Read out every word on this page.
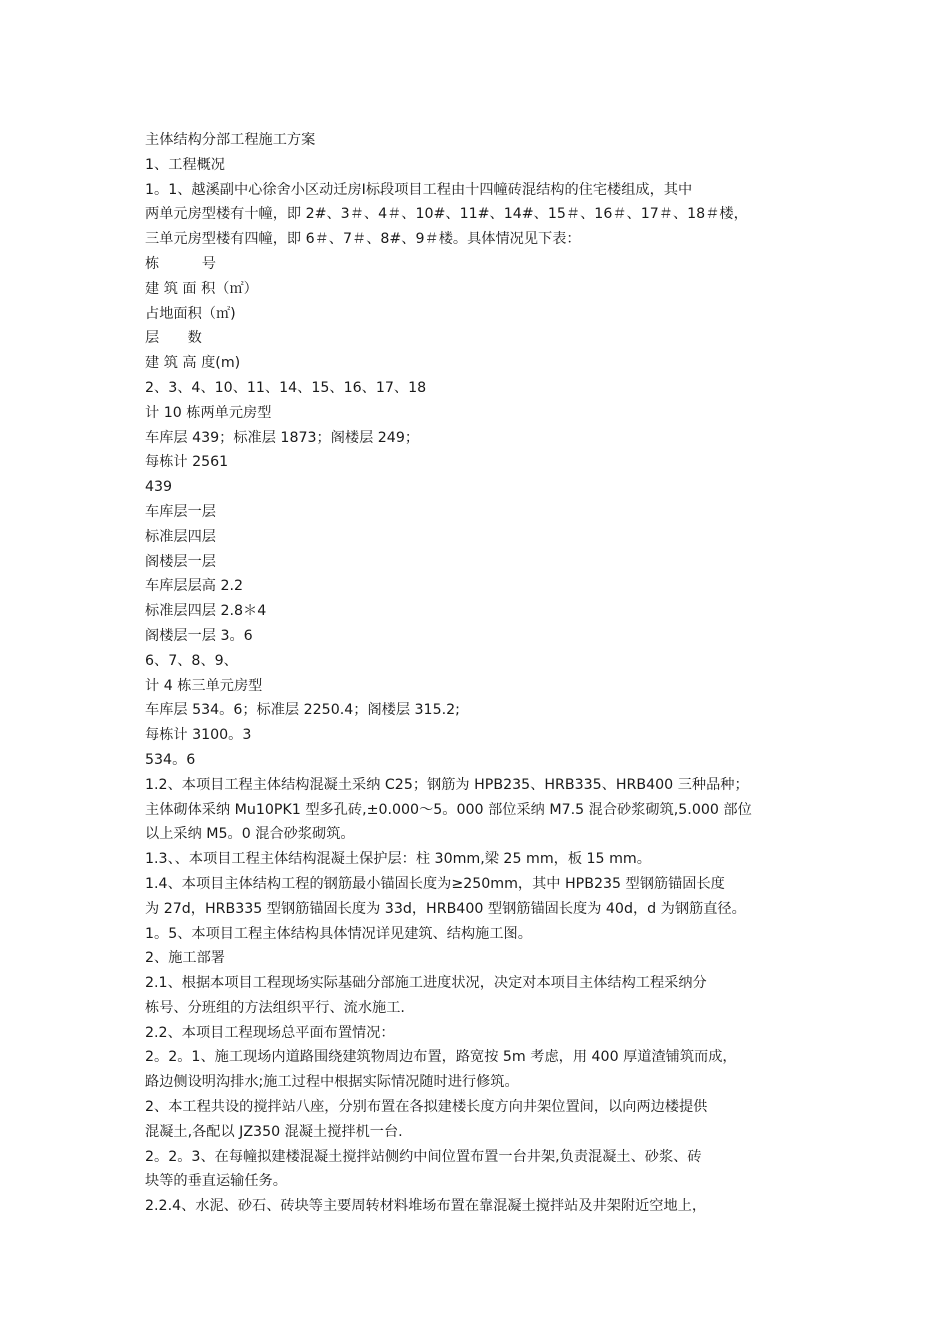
主体结构分部工程施工方案
1、工程概况
1。1、越溪副中心徐舍小区动迁房Ⅰ标段项目工程由十四幢砖混结构的住宅楼组成，其中
两单元房型楼有十幢，即 2#、3＃、4＃、10#、11#、14#、15＃、16＃、17＃、18＃楼，
三单元房型楼有四幢，即 6＃、7＃、8#、9＃楼。具体情况见下表：
栋　　　号
建 筑 面 积（㎡）
占地面积（㎡)
层　　数
建 筑 高 度(m)
2、3、4、10、11、14、15、16、17、18
计 10 栋两单元房型
车库层 439；标准层 1873；阁楼层 249；
每栋计 2561
439
车库层一层
标准层四层
阁楼层一层
车库层层高 2.2
标准层四层 2.8＊4
阁楼层一层 3。6
6、7、8、9、
计 4 栋三单元房型
车库层 534。6；标准层 2250.4；阁楼层 315.2;
每栋计 3100。3
534。6
1.2、本项目工程主体结构混凝土采纳 C25；钢筋为 HPB235、HRB335、HRB400 三种品种；
主体砌体采纳 Mu10PK1 型多孔砖,±0.000～5。000 部位采纳 M7.5 混合砂浆砌筑,5.000 部位
以上采纳 M5。0 混合砂浆砌筑。
1.3、、本项目工程主体结构混凝土保护层：柱 30mm,梁 25 mm，板 15 mm。
1.4、本项目主体结构工程的钢筋最小锚固长度为≥250mm，其中 HPB235 型钢筋锚固长度
为 27d，HRB335 型钢筋锚固长度为 33d，HRB400 型钢筋锚固长度为 40d，d 为钢筋直径。
1。5、本项目工程主体结构具体情况详见建筑、结构施工图。
2、施工部署
2.1、根据本项目工程现场实际基础分部施工进度状况，决定对本项目主体结构工程采纳分
栋号、分班组的方法组织平行、流水施工.
2.2、本项目工程现场总平面布置情况：
2。2。1、施工现场内道路围绕建筑物周边布置，路宽按 5m 考虑，用 400 厚道渣铺筑而成，
路边侧设明沟排水;施工过程中根据实际情况随时进行修筑。
2、本工程共设的搅拌站八座，分别布置在各拟建楼长度方向井架位置间，以向两边楼提供
混凝土,各配以 JZ350 混凝土搅拌机一台.
2。2。3、在每幢拟建楼混凝土搅拌站侧约中间位置布置一台井架,负责混凝土、砂浆、砖
块等的垂直运输任务。
2.2.4、水泥、砂石、砖块等主要周转材料堆场布置在靠混凝土搅拌站及井架附近空地上，
